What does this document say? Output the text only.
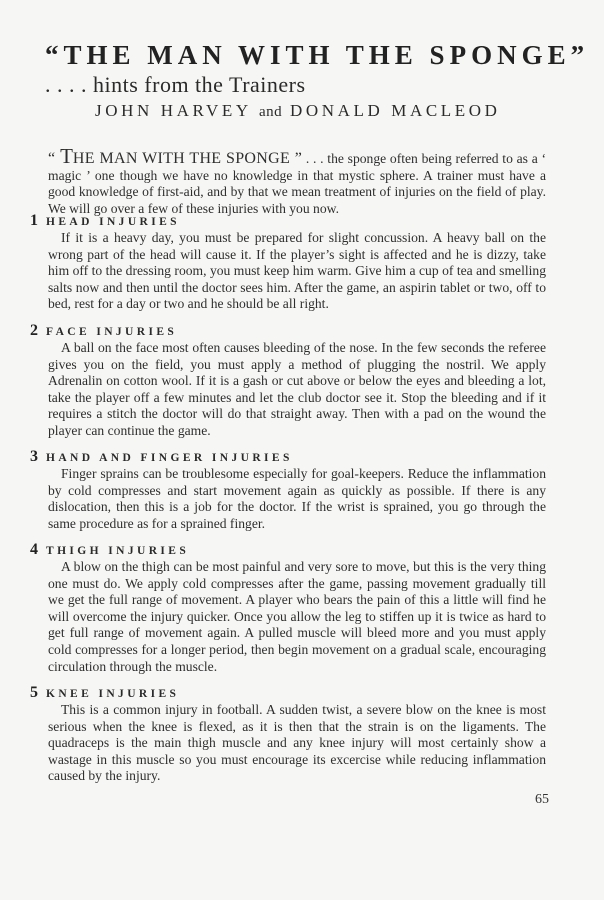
“THE MAN WITH THE SPONGE”
. . . . hints from the Trainers
JOHN HARVEY and DONALD MACLEOD
“ THE MAN WITH THE SPONGE ” . . . the sponge often being referred to as a ‘ magic ’ one though we have no knowledge in that mystic sphere. A trainer must have a good knowledge of first-aid, and by that we mean treatment of injuries on the field of play. We will go over a few of these injuries with you now.
1 HEAD INJURIES

If it is a heavy day, you must be prepared for slight concussion. A heavy ball on the wrong part of the head will cause it. If the player’s sight is affected and he is dizzy, take him off to the dressing room, you must keep him warm. Give him a cup of tea and smelling salts now and then until the doctor sees him. After the game, an aspirin tablet or two, off to bed, rest for a day or two and he should be all right.

2 FACE INJURIES

A ball on the face most often causes bleeding of the nose. In the few seconds the referee gives you on the field, you must apply a method of plugging the nostril. We apply Adrenalin on cotton wool. If it is a gash or cut above or below the eyes and bleeding a lot, take the player off a few minutes and let the club doctor see it. Stop the bleeding and if it requires a stitch the doctor will do that straight away. Then with a pad on the wound the player can continue the game.

3 HAND AND FINGER INJURIES

Finger sprains can be troublesome especially for goal-keepers. Reduce the inflammation by cold compresses and start movement again as quickly as possible. If there is any dislocation, then this is a job for the doctor. If the wrist is sprained, you go through the same procedure as for a sprained finger.

4 THIGH INJURIES

A blow on the thigh can be most painful and very sore to move, but this is the very thing one must do. We apply cold compresses after the game, passing movement gradually till we get the full range of movement. A player who bears the pain of this a little will find he will overcome the injury quicker. Once you allow the leg to stiffen up it is twice as hard to get full range of movement again. A pulled muscle will bleed more and you must apply cold compresses for a longer period, then begin movement on a gradual scale, encouraging circulation through the muscle.

5 KNEE INJURIES

This is a common injury in football. A sudden twist, a severe blow on the knee is most serious when the knee is flexed, as it is then that the strain is on the ligaments. The quadraceps is the main thigh muscle and any knee injury will most certainly show a wastage in this muscle so you must encourage its excercise while reducing inflammation caused by the injury.

65
